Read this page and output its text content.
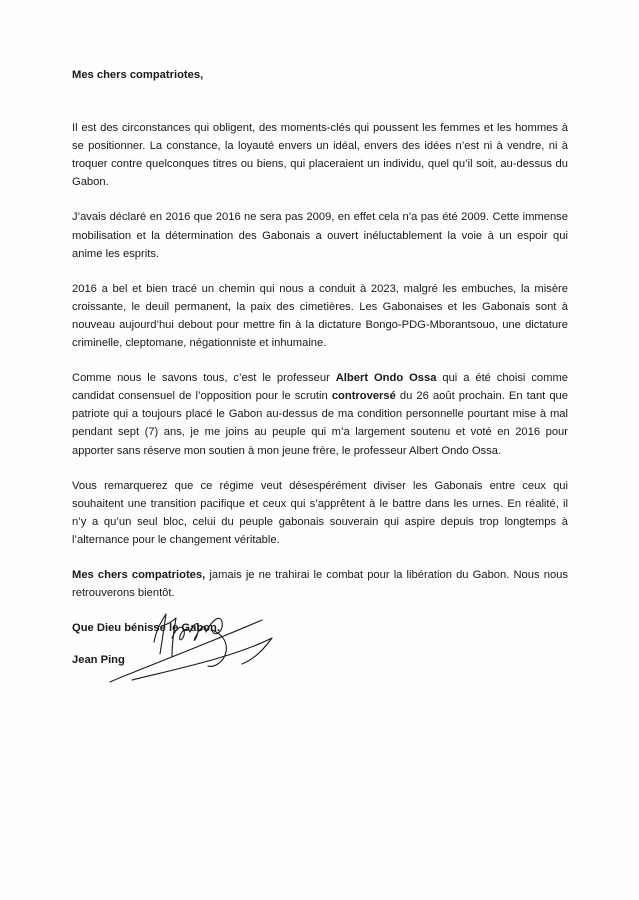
Mes chers compatriotes,

Il est des circonstances qui obligent, des moments-clés qui poussent les femmes et les hommes à se positionner. La constance, la loyauté envers un idéal, envers des idées n’est ni à vendre, ni à troquer contre quelconques titres ou biens, qui placeraient un individu, quel qu’il soit, au-dessus du Gabon.

J’avais déclaré en 2016 que 2016 ne sera pas 2009, en effet cela n’a pas été 2009. Cette immense mobilisation et la détermination des Gabonais a ouvert inéluctablement la voie à un espoir qui anime les esprits.

2016 a bel et bien tracé un chemin qui nous a conduit à 2023, malgré les embuches, la misère croissante, le deuil permanent, la paix des cimetières. Les Gabonaises et les Gabonais sont à nouveau aujourd’hui debout pour mettre fin à la dictature Bongo-PDG-Mborantsouo, une dictature criminelle, cleptomane, négationniste et inhumaine.

Comme nous le savons tous, c’est le professeur Albert Ondo Ossa qui a été choisi comme candidat consensuel de l’opposition pour le scrutin controversé du 26 août prochain. En tant que patriote qui a toujours placé le Gabon au-dessus de ma condition personnelle pourtant mise à mal pendant sept (7) ans, je me joins au peuple qui m’a largement soutenu et voté en 2016 pour apporter sans réserve mon soutien à mon jeune frère, le professeur Albert Ondo Ossa.

Vous remarquerez que ce régime veut désespérément diviser les Gabonais entre ceux qui souhaitent une transition pacifique et ceux qui s’apprêtent à le battre dans les urnes. En réalité, il n’y a qu’un seul bloc, celui du peuple gabonais souverain qui aspire depuis trop longtemps à l’alternance pour le changement véritable.

Mes chers compatriotes, jamais je ne trahirai le combat pour la libération du Gabon. Nous nous retrouverons bientôt.

Que Dieu bénisse le Gabon.

Jean Ping
